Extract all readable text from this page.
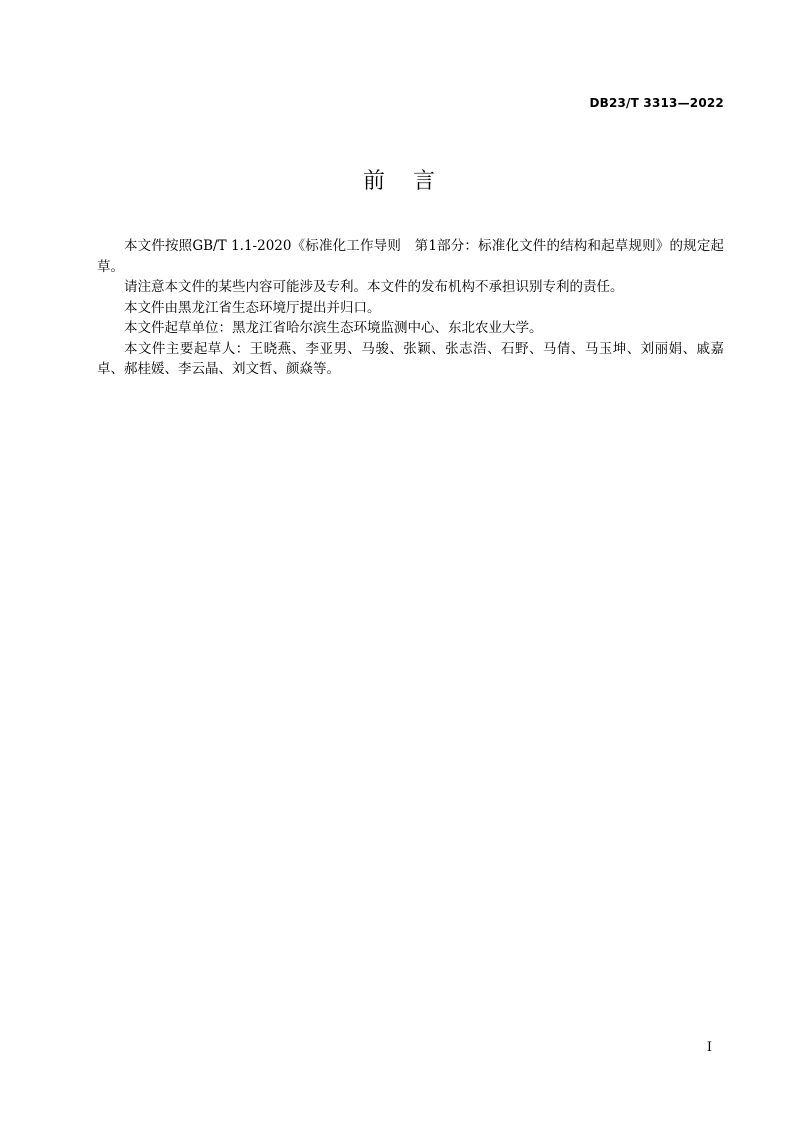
DB23/T 3313—2022
前 言

本文件按照GB/T 1.1-2020《标准化工作导则　第1部分：标准化文件的结构和起草规则》的规定起草。

请注意本文件的某些内容可能涉及专利。本文件的发布机构不承担识别专利的责任。

本文件由黑龙江省生态环境厅提出并归口。

本文件起草单位：黑龙江省哈尔滨生态环境监测中心、东北农业大学。

本文件主要起草人：王晓燕、李亚男、马骏、张颖、张志浩、石野、马倩、马玉坤、刘丽娟、戚嘉卓、郝桂媛、李云晶、刘文哲、颜焱等。

I
